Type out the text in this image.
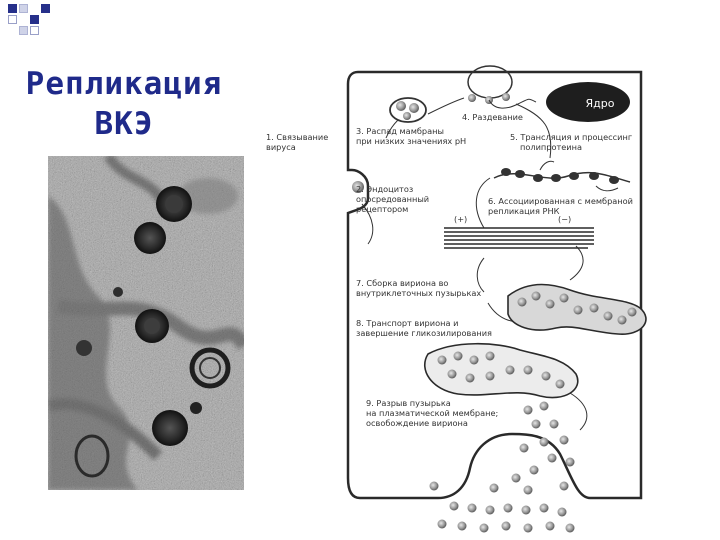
Репликация
ВКЭ
Ядро
(+)	(−)
1. Связывание вируса
2. Эндоцитоз опосредованный рецептором
3. Распад мамбраны при низких значениях pH
4. Раздевание
5. Трансляция и процессинг полипротеина
6. Ассоциированная с мембраной репликация РНК
7. Сборка вириона во внутриклеточных пузырьках
8. Транспорт вириона и завершение гликозилирования
9. Разрыв пузырька на плазматической мембране; освобождение вириона
